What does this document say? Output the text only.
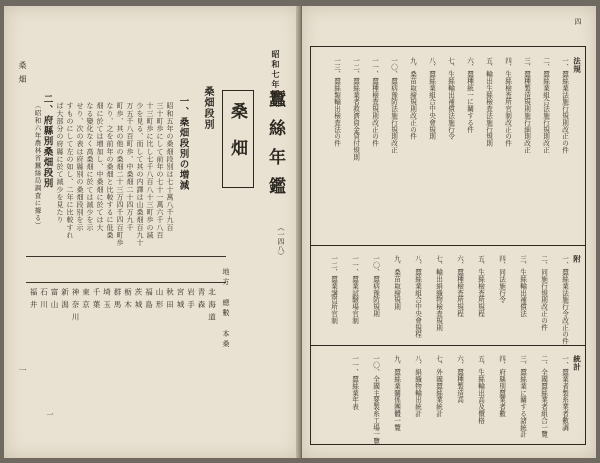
桑畑
一
二、府縣別桑畑段別
（昭和六年農林省蠶絲局調査に據る）	昭和五年の桑畑段別は七十萬八千九百
三十町歩にして前年の七十一萬六千八百
十三町歩に比し七千八百八十三町歩の減
少を見る、而して其の内譯は山桑畑百九十
万五千八百町歩、中桑畑二十四万九千
町歩、其の他の桑畑二十三万四千四百町歩
なり、之を前年の桑畑と比較するに低桑
畑に於ては増加し、中桑畑に於ては大
なる變化なく高桑畑に於ては減少を示
せり、次の表は府縣別の桑畑段別を示
すものにして左の如し、二年に比較すれ
ば大部分の府縣に於て減少を見たり	一、桑畑段別の増減 桑畑段別 桑畑
昭和七年版
蠶絲年鑑
（一四八）
地方 總數 本桑
北海道
青森
岩手
宮城
秋田
山形
福島
茨城
栃木
群馬
埼玉
千葉
東京
神奈川
新潟
富山
石川
福井
一
四
法規
一、蠶絲業法施行規則改正の件
二、蠶絲業組合法施行規則改正
三、蠶種製造規則施行細則改正
四、生絲檢査所官制改正の件
五、輸出生絲檢査法施行規則
六、蠶種統一に關する件
七、生絲輸出補償法施行令
八、蠶絲業組合中央會規則
九、桑苗取締規則改正の件
一〇、蠶病豫防法施行規則改正
一一、蠶種檢査規則改正の件
一二、蠶絲業者救濟資金貸付規則
一三、蠶絲類輸出檢査法の件
附
一、蠶絲業法施行令改正の件
二、同施行規則改正の件
三、生絲輸出補償法
四、同法施行令
五、生絲檢査所規程
六、蠶種檢査所規程
七、輸出絹織物檢査規則
八、蠶絲業組合中央會規程
九、桑苗取締規則
一〇、蠶病豫防規則
一一、蠶業試驗場官制
一二、蠶業講習所官制
統計
一、蠶業者製糸業者數調
二、全國蠶絲業者組合一覽
三、蠶絲業に關する諸統計
四、府縣別蠶業者數
五、生絲輸出高及價格
六、蠶種製造高
七、外國蠶絲業統計
八、絹織物輸出統計
九、蠶絲業關係團體一覽
一〇、全國主要製糸工場一覽
一一、蠶絲業年表
